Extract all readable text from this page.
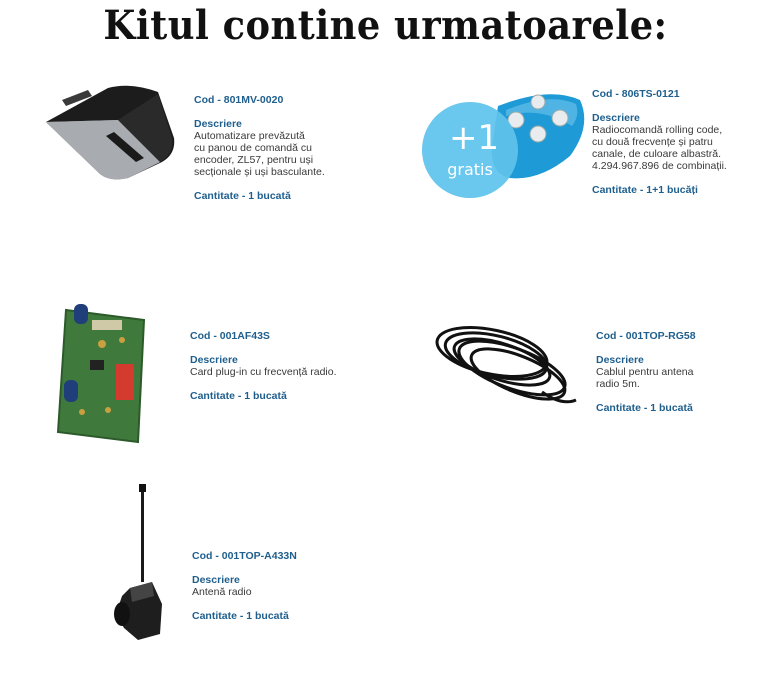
Kitul contine urmatoarele:
Cod - 801MV-0020
Descriere
Automatizare prevăzută
cu panou de comandă cu
encoder, ZL57, pentru uși
secționale și uși basculante.
Cantitate - 1 bucată
+1
gratis
Cod - 806TS-0121
Descriere
Radiocomandă rolling code,
cu două frecvențe și patru
canale, de culoare albastră.
4.294.967.896 de combinații.
Cantitate - 1+1 bucăți
Cod - 001AF43S
Descriere
Card plug-in cu frecvență radio.
Cantitate - 1 bucată
Cod - 001TOP-RG58
Descriere
Cablul pentru antena
radio 5m.
Cantitate - 1 bucată
Cod - 001TOP-A433N
Descriere
Antenă radio
Cantitate - 1 bucată
